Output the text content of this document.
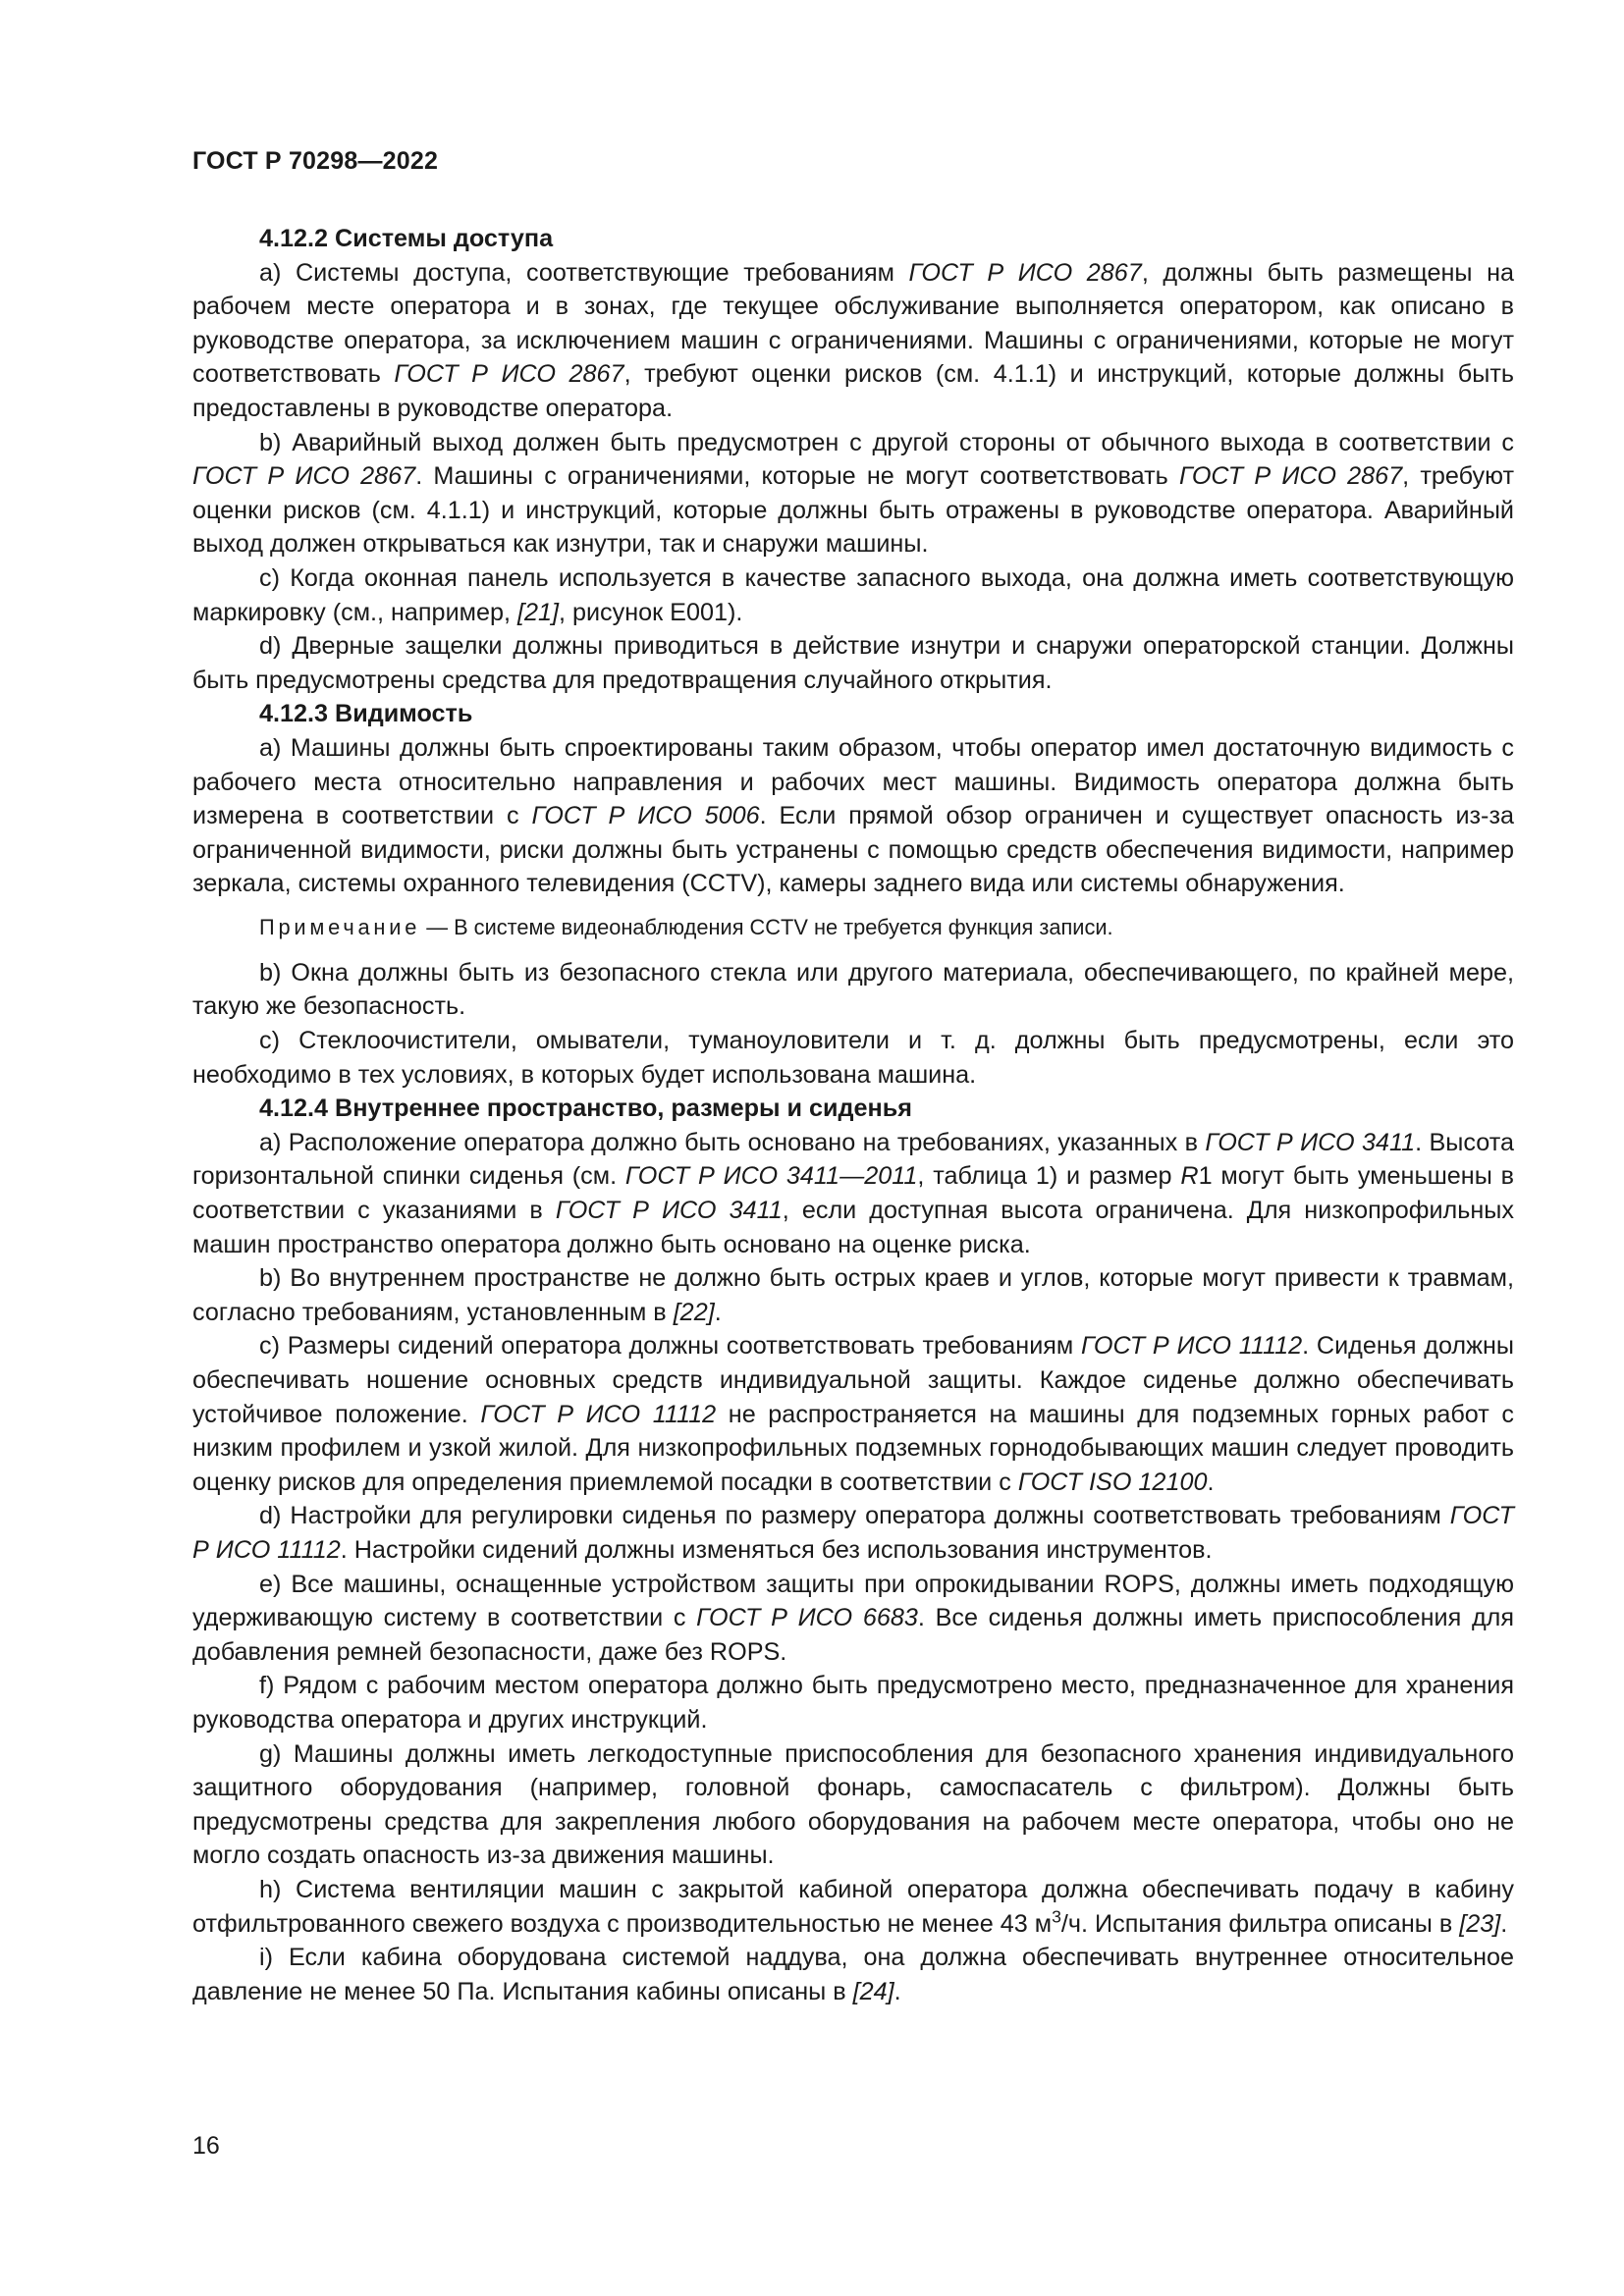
ГОСТ Р 70298—2022
4.12.2 Системы доступа

a) Системы доступа, соответствующие требованиям ГОСТ Р ИСО 2867, должны быть размещены на рабочем месте оператора и в зонах, где текущее обслуживание выполняется оператором, как описано в руководстве оператора, за исключением машин с ограничениями. Машины с ограничениями, которые не могут соответствовать ГОСТ Р ИСО 2867, требуют оценки рисков (см. 4.1.1) и инструкций, которые должны быть предоставлены в руководстве оператора.

b) Аварийный выход должен быть предусмотрен с другой стороны от обычного выхода в соответствии с ГОСТ Р ИСО 2867. Машины с ограничениями, которые не могут соответствовать ГОСТ Р ИСО 2867, требуют оценки рисков (см. 4.1.1) и инструкций, которые должны быть отражены в руководстве оператора. Аварийный выход должен открываться как изнутри, так и снаружи машины.

c) Когда оконная панель используется в качестве запасного выхода, она должна иметь соответствующую маркировку (см., например, [21], рисунок Е001).

d) Дверные защелки должны приводиться в действие изнутри и снаружи операторской станции. Должны быть предусмотрены средства для предотвращения случайного открытия.

4.12.3 Видимость

a) Машины должны быть спроектированы таким образом, чтобы оператор имел достаточную видимость с рабочего места относительно направления и рабочих мест машины. Видимость оператора должна быть измерена в соответствии с ГОСТ Р ИСО 5006. Если прямой обзор ограничен и существует опасность из-за ограниченной видимости, риски должны быть устранены с помощью средств обеспечения видимости, например зеркала, системы охранного телевидения (CCTV), камеры заднего вида или системы обнаружения.

Примечание — В системе видеонаблюдения CCTV не требуется функция записи.

b) Окна должны быть из безопасного стекла или другого материала, обеспечивающего, по крайней мере, такую же безопасность.

c) Стеклоочистители, омыватели, туманоуловители и т. д. должны быть предусмотрены, если это необходимо в тех условиях, в которых будет использована машина.

4.12.4 Внутреннее пространство, размеры и сиденья

a) Расположение оператора должно быть основано на требованиях, указанных в ГОСТ Р ИСО 3411. Высота горизонтальной спинки сиденья (см. ГОСТ Р ИСО 3411—2011, таблица 1) и размер R1 могут быть уменьшены в соответствии с указаниями в ГОСТ Р ИСО 3411, если доступная высота ограничена. Для низкопрофильных машин пространство оператора должно быть основано на оценке риска.

b) Во внутреннем пространстве не должно быть острых краев и углов, которые могут привести к травмам, согласно требованиям, установленным в [22].

c) Размеры сидений оператора должны соответствовать требованиям ГОСТ Р ИСО 11112. Сиденья должны обеспечивать ношение основных средств индивидуальной защиты. Каждое сиденье должно обеспечивать устойчивое положение. ГОСТ Р ИСО 11112 не распространяется на машины для подземных горных работ с низким профилем и узкой жилой. Для низкопрофильных подземных горнодобывающих машин следует проводить оценку рисков для определения приемлемой посадки в соответствии с ГОСТ ISO 12100.

d) Настройки для регулировки сиденья по размеру оператора должны соответствовать требованиям ГОСТ Р ИСО 11112. Настройки сидений должны изменяться без использования инструментов.

e) Все машины, оснащенные устройством защиты при опрокидывании ROPS, должны иметь подходящую удерживающую систему в соответствии с ГОСТ Р ИСО 6683. Все сиденья должны иметь приспособления для добавления ремней безопасности, даже без ROPS.

f) Рядом с рабочим местом оператора должно быть предусмотрено место, предназначенное для хранения руководства оператора и других инструкций.

g) Машины должны иметь легкодоступные приспособления для безопасного хранения индивидуального защитного оборудования (например, головной фонарь, самоспасатель с фильтром). Должны быть предусмотрены средства для закрепления любого оборудования на рабочем месте оператора, чтобы оно не могло создать опасность из-за движения машины.

h) Система вентиляции машин с закрытой кабиной оператора должна обеспечивать подачу в кабину отфильтрованного свежего воздуха с производительностью не менее 43 $м^3/ч$. Испытания фильтра описаны в [23].

i) Если кабина оборудована системой наддува, она должна обеспечивать внутреннее относительное давление не менее 50 Па. Испытания кабины описаны в [24].

16
